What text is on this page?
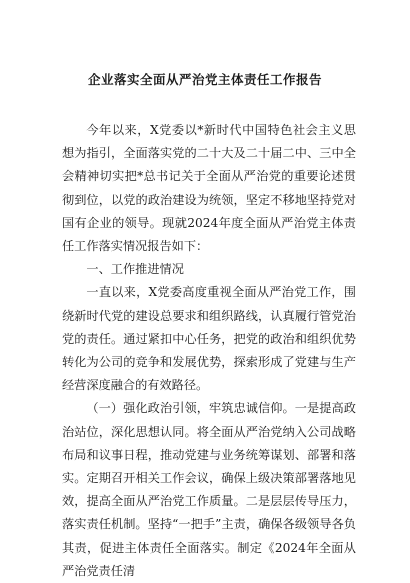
企业落实全面从严治党主体责任工作报告

今年以来，X党委以*新时代中国特色社会主义思想为指引，全面落实党的二十大及二十届二中、三中全会精神切实把*总书记关于全面从严治党的重要论述贯彻到位，以党的政治建设为统领，坚定不移地坚持党对国有企业的领导。现就2024年度全面从严治党主体责任工作落实情况报告如下：

一、工作推进情况

一直以来，X党委高度重视全面从严治党工作，围绕新时代党的建设总要求和组织路线，认真履行管党治党的责任。通过紧扣中心任务，把党的政治和组织优势转化为公司的竞争和发展优势，探索形成了党建与生产经营深度融合的有效路径。

（一）强化政治引领，牢筑忠诚信仰。一是提高政治站位，深化思想认同。将全面从严治党纳入公司战略布局和议事日程，推动党建与业务统筹谋划、部署和落实。定期召开相关工作会议，确保上级决策部署落地见效，提高全面从严治党工作质量。二是层层传导压力，落实责任机制。坚持“一把手”主责，确保各级领导各负其责，促进主体责任全面落实。制定《2024年全面从严治党责任清
